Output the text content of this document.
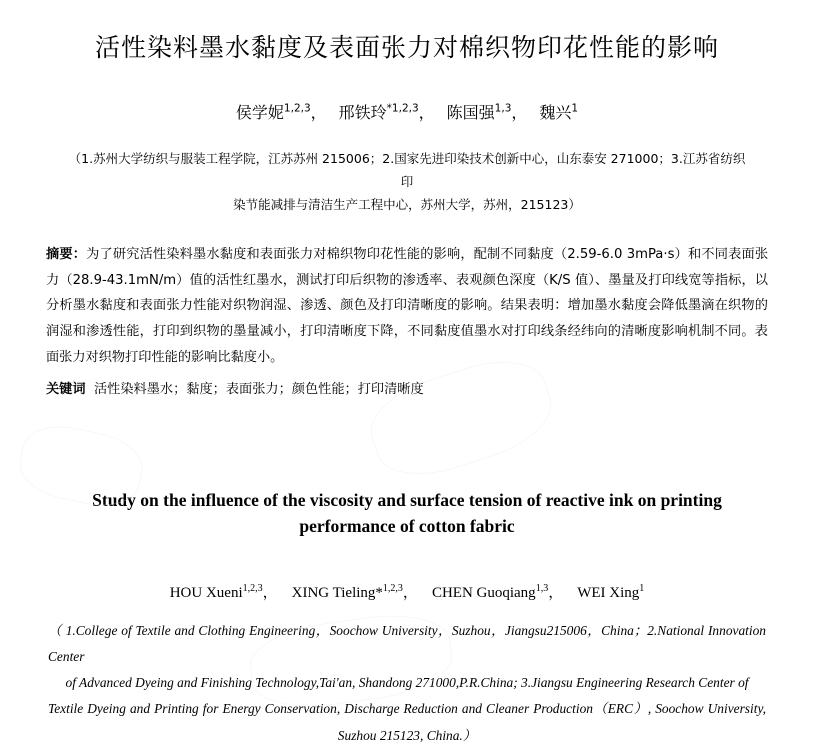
活性染料墨水黏度及表面张力对棉织物印花性能的影响
侯学妮$^{1,2,3}$， 邢铁玲$^{*1,2,3}$， 陈国强$^{1,3}$， 魏兴$^1$
（1.苏州大学纺织与服装工程学院，江苏苏州 215006；2.国家先进印染技术创新中心，山东泰安 271000；3.江苏省纺织印
染节能减排与清洁生产工程中心，苏州大学，苏州，215123）
摘要：为了研究活性染料墨水黏度和表面张力对棉织物印花性能的影响，配制不同黏度（2.59-6.0 3mPa·s）和不同表面张力（28.9-43.1mN/m）值的活性红墨水，测试打印后织物的渗透率、表观颜色深度（K/S 值）、墨量及打印线宽等指标，以分析墨水黏度和表面张力性能对织物润湿、渗透、颜色及打印清晰度的影响。结果表明：增加墨水黏度会降低墨滴在织物的润湿和渗透性能，打印到织物的墨量减小，打印清晰度下降，不同黏度值墨水对打印线条经纬向的清晰度影响机制不同。表面张力对织物打印性能的影响比黏度小。
关键词 活性染料墨水；黏度；表面张力；颜色性能；打印清晰度
Study on the influence of the viscosity and surface tension of reactive ink on printing performance of cotton fabric
HOU Xueni$^{1,2,3}$， XING Tieling*$^{1,2,3}$， CHEN Guoqiang$^{1,3}$， WEI Xing$^1$
（ 1.College of Textile and Clothing Engineering，Soochow University，Suzhou，Jiangsu215006，China；2.National Innovation Center
of Advanced Dyeing and Finishing Technology,Tai'an, Shandong 271000,P.R.China; 3.Jiangsu Engineering Research Center of
Textile Dyeing and Printing for Energy Conservation, Discharge Reduction and Cleaner Production（ERC）, Soochow University,
Suzhou 215123, China.）
